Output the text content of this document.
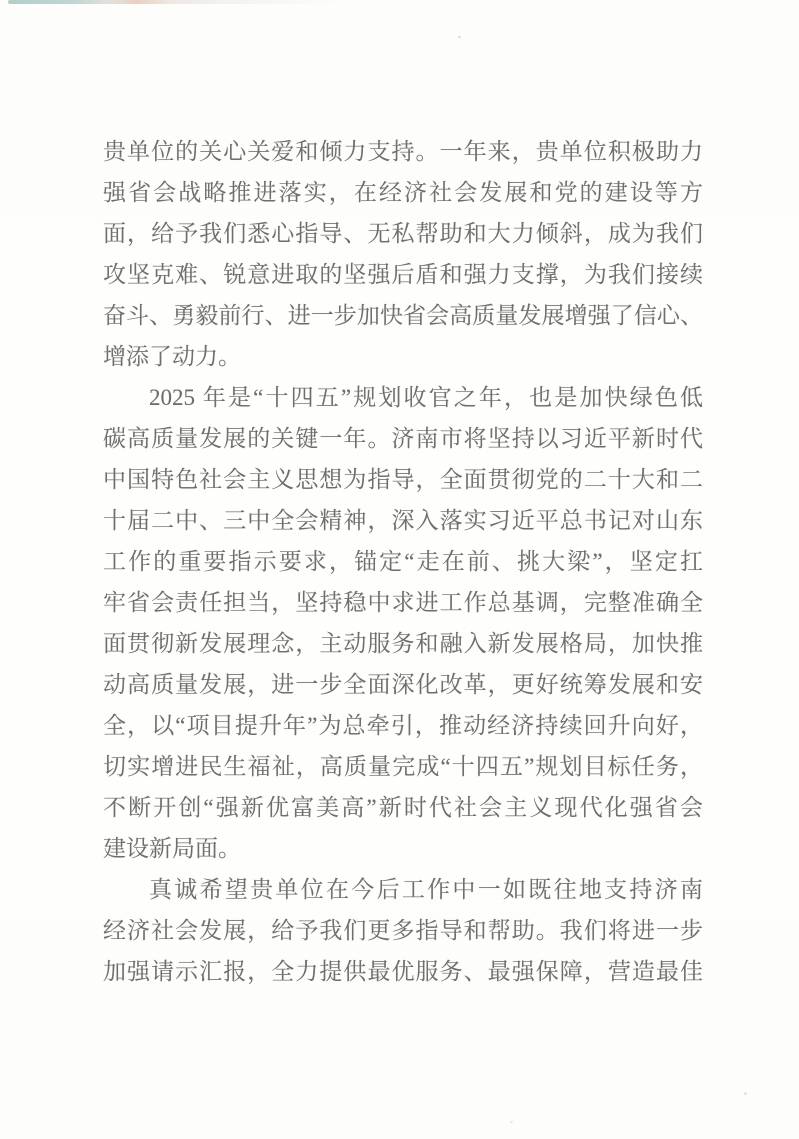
贵单位的关心关爱和倾力支持。一年来，贵单位积极助力
强省会战略推进落实，在经济社会发展和党的建设等方
面，给予我们悉心指导、无私帮助和大力倾斜，成为我们
攻坚克难、锐意进取的坚强后盾和强力支撑，为我们接续
奋斗、勇毅前行、进一步加快省会高质量发展增强了信心、
增添了动力。
2025 年是“十四五”规划收官之年，也是加快绿色低
碳高质量发展的关键一年。济南市将坚持以习近平新时代
中国特色社会主义思想为指导，全面贯彻党的二十大和二
十届二中、三中全会精神，深入落实习近平总书记对山东
工作的重要指示要求，锚定“走在前、挑大梁”，坚定扛
牢省会责任担当，坚持稳中求进工作总基调，完整准确全
面贯彻新发展理念，主动服务和融入新发展格局，加快推
动高质量发展，进一步全面深化改革，更好统筹发展和安
全，以“项目提升年”为总牵引，推动经济持续回升向好，
切实增进民生福祉，高质量完成“十四五”规划目标任务，
不断开创“强新优富美高”新时代社会主义现代化强省会
建设新局面。
真诚希望贵单位在今后工作中一如既往地支持济南
经济社会发展，给予我们更多指导和帮助。我们将进一步
加强请示汇报，全力提供最优服务、最强保障，营造最佳
